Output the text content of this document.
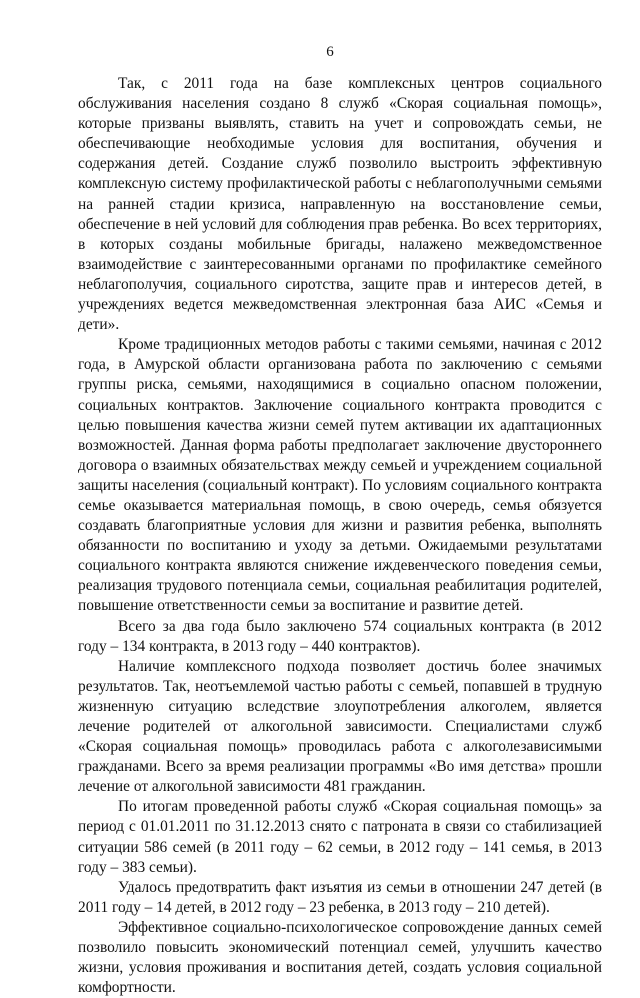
6

Так, с 2011 года на базе комплексных центров социального обслуживания населения создано 8 служб «Скорая социальная помощь», которые призваны выявлять, ставить на учет и сопровождать семьи, не обеспечивающие необходимые условия для воспитания, обучения и содержания детей. Создание служб позволило выстроить эффективную комплексную систему профилактической работы с неблагополучными семьями на ранней стадии кризиса, направленную на восстановление семьи, обеспечение в ней условий для соблюдения прав ребенка. Во всех территориях, в которых созданы мобильные бригады, налажено межведомственное взаимодействие с заинтересованными органами по профилактике семейного неблагополучия, социального сиротства, защите прав и интересов детей, в учреждениях ведется межведомственная электронная база АИС «Семья и дети».

Кроме традиционных методов работы с такими семьями, начиная с 2012 года, в Амурской области организована работа по заключению с семьями группы риска, семьями, находящимися в социально опасном положении, социальных контрактов. Заключение социального контракта проводится с целью повышения качества жизни семей путем активации их адаптационных возможностей. Данная форма работы предполагает заключение двустороннего договора о взаимных обязательствах между семьей и учреждением социальной защиты населения (социальный контракт). По условиям социального контракта семье оказывается материальная помощь, в свою очередь, семья обязуется создавать благоприятные условия для жизни и развития ребенка, выполнять обязанности по воспитанию и уходу за детьми. Ожидаемыми результатами социального контракта являются снижение иждевенческого поведения семьи, реализация трудового потенциала семьи, социальная реабилитация родителей, повышение ответственности семьи за воспитание и развитие детей.

Всего за два года было заключено 574 социальных контракта (в 2012 году – 134 контракта, в 2013 году – 440 контрактов).

Наличие комплексного подхода позволяет достичь более значимых результатов. Так, неотъемлемой частью работы с семьей, попавшей в трудную жизненную ситуацию вследствие злоупотребления алкоголем, является лечение родителей от алкогольной зависимости. Специалистами служб «Скорая социальная помощь» проводилась работа с алкоголезависимыми гражданами. Всего за время реализации программы «Во имя детства» прошли лечение от алкогольной зависимости 481 гражданин.

По итогам проведенной работы служб «Скорая социальная помощь» за период с 01.01.2011 по 31.12.2013 снято с патроната в связи со стабилизацией ситуации 586 семей (в 2011 году – 62 семьи, в 2012 году – 141 семья, в 2013 году – 383 семьи).

Удалось предотвратить факт изъятия из семьи в отношении 247 детей (в 2011 году – 14 детей, в 2012 году – 23 ребенка, в 2013 году – 210 детей).

Эффективное социально-психологическое сопровождение данных семей позволило повысить экономический потенциал семей, улучшить качество жизни, условия проживания и воспитания детей, создать условия социальной комфортности.
